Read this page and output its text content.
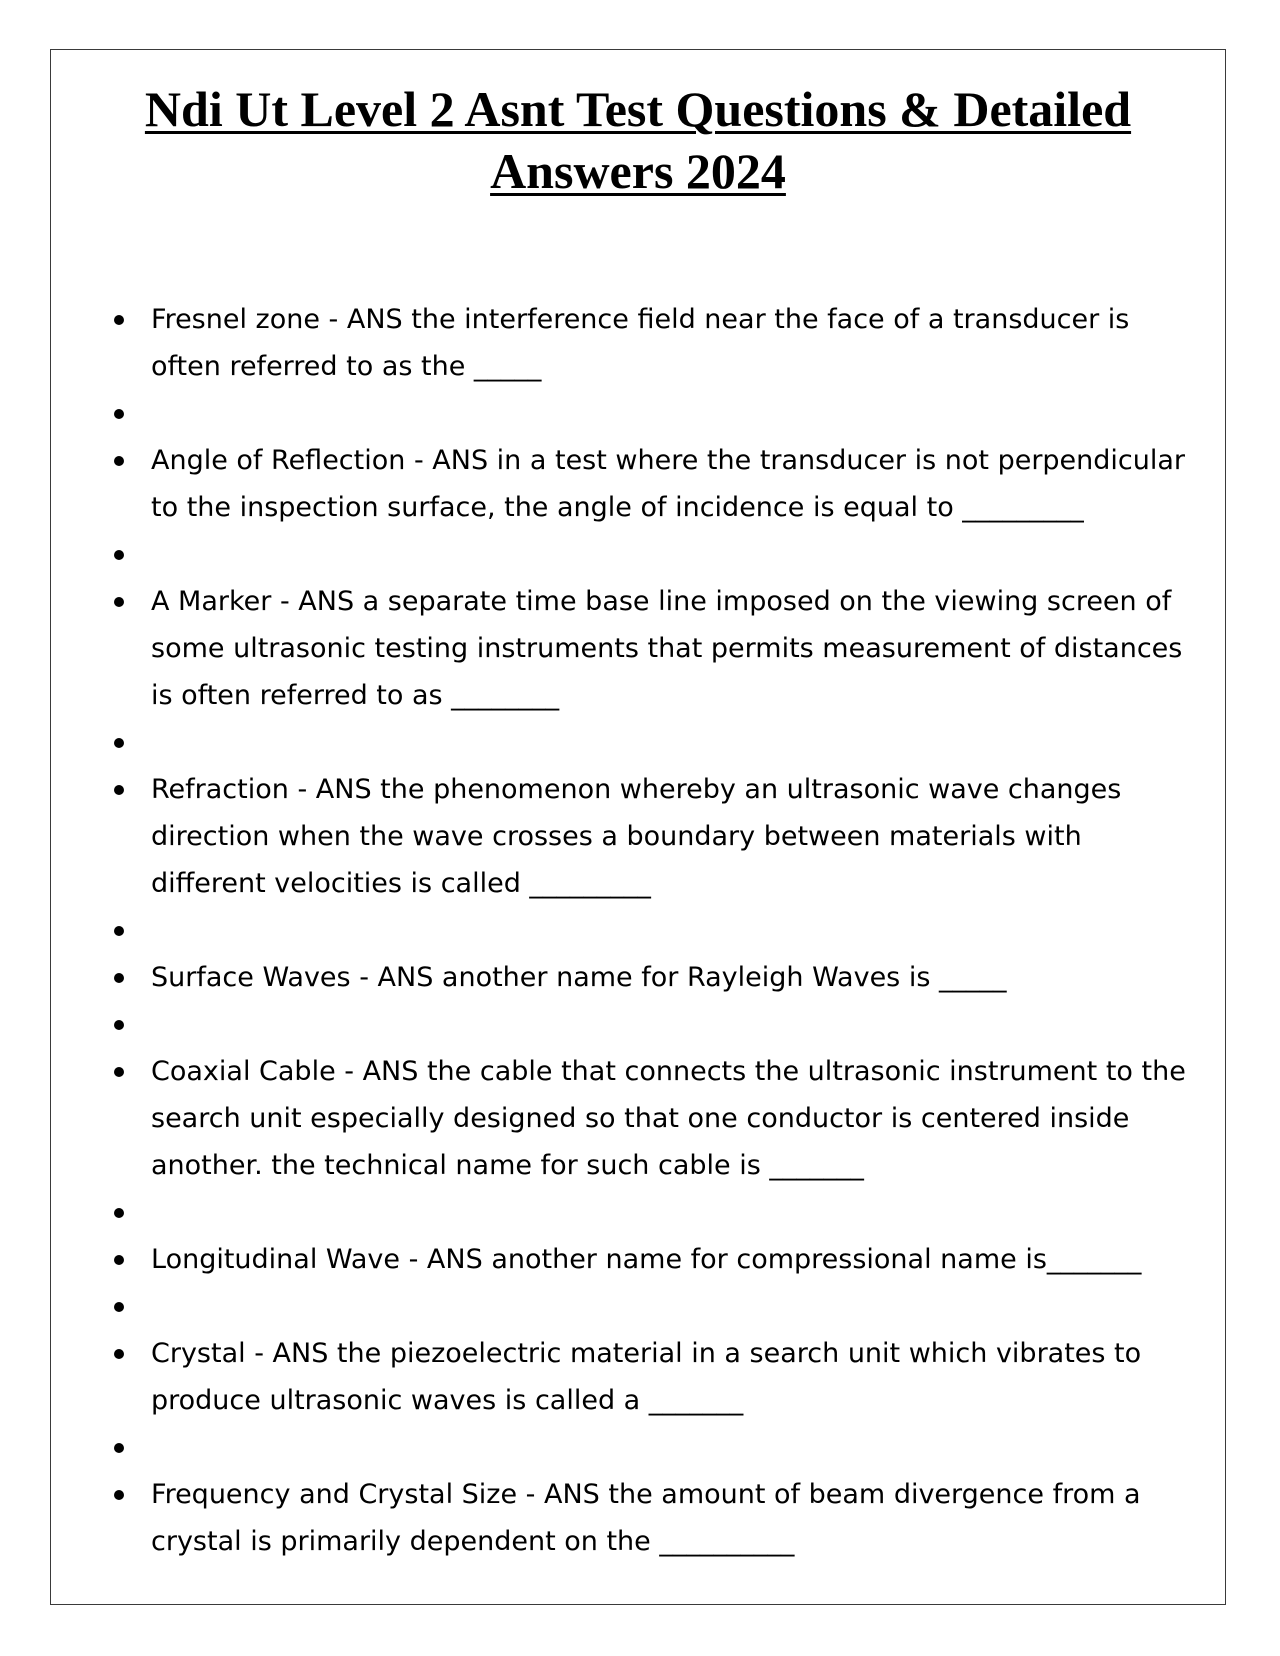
Ndi Ut Level 2 Asnt Test Questions & Detailed
Answers 2024
Fresnel zone - ANS the interference field near the face of a transducer is often referred to as the _____
Angle of Reflection - ANS in a test where the transducer is not perpendicular to the inspection surface, the angle of incidence is equal to _________
A Marker - ANS a separate time base line imposed on the viewing screen of some ultrasonic testing instruments that permits measurement of distances is often referred to as ________
Refraction - ANS the phenomenon whereby an ultrasonic wave changes direction when the wave crosses a boundary between materials with different velocities is called _________
Surface Waves - ANS another name for Rayleigh Waves is _____
Coaxial Cable - ANS the cable that connects the ultrasonic instrument to the search unit especially designed so that one conductor is centered inside another. the technical name for such cable is _______
Longitudinal Wave - ANS another name for compressional name is_______
Crystal - ANS the piezoelectric material in a search unit which vibrates to produce ultrasonic waves is called a _______
Frequency and Crystal Size - ANS the amount of beam divergence from a crystal is primarily dependent on the __________
